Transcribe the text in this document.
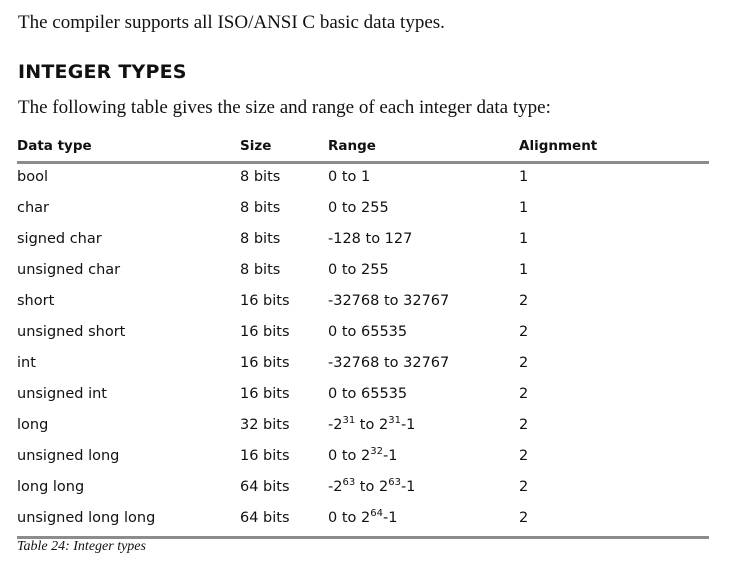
The compiler supports all ISO/ANSI C basic data types.
INTEGER TYPES
The following table gives the size and range of each integer data type:
Data type	Size	Range	Alignment
bool	8 bits	0 to 1	1
char	8 bits	0 to 255	1
signed char	8 bits	-128 to 127	1
unsigned char	8 bits	0 to 255	1
short	16 bits	-32768 to 32767	2
unsigned short	16 bits	0 to 65535	2
int	16 bits	-32768 to 32767	2
unsigned int	16 bits	0 to 65535	2
long	32 bits	$-2^{31}$ to $2^{31}-1$	2
unsigned long	16 bits	0 to $2^{32}-1$	2
long long	64 bits	$-2^{63}$ to $2^{63}-1$	2
unsigned long long	64 bits	0 to $2^{64}-1$	2
Table 24: Integer types
